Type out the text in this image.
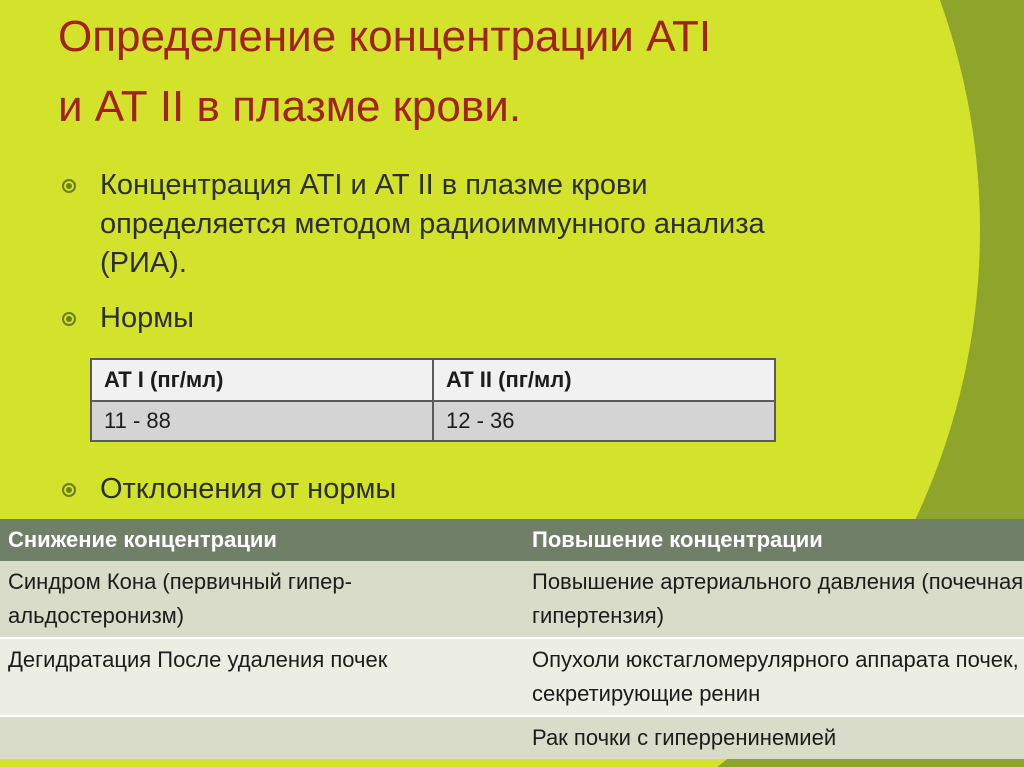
Определение концентрации АТI
и АТ II в плазме крови.
Концентрация АТI и АТ II в плазме крови определяется методом радиоиммунного анализа (РИА).
Нормы
AT I (пг/мл)	AT II (пг/мл)
11 - 88	12 - 36
Отклонения от нормы
Снижение концентрации	Повышение концентрации
Синдром Кона (первичный гипер-альдостеронизм)	Повышение артериального давления (почечная гипертензия)
Дегидратация После удаления почек	Опухоли юкстагломерулярного аппарата почек, секретирующие ренин
	Рак почки с гиперренинемией
